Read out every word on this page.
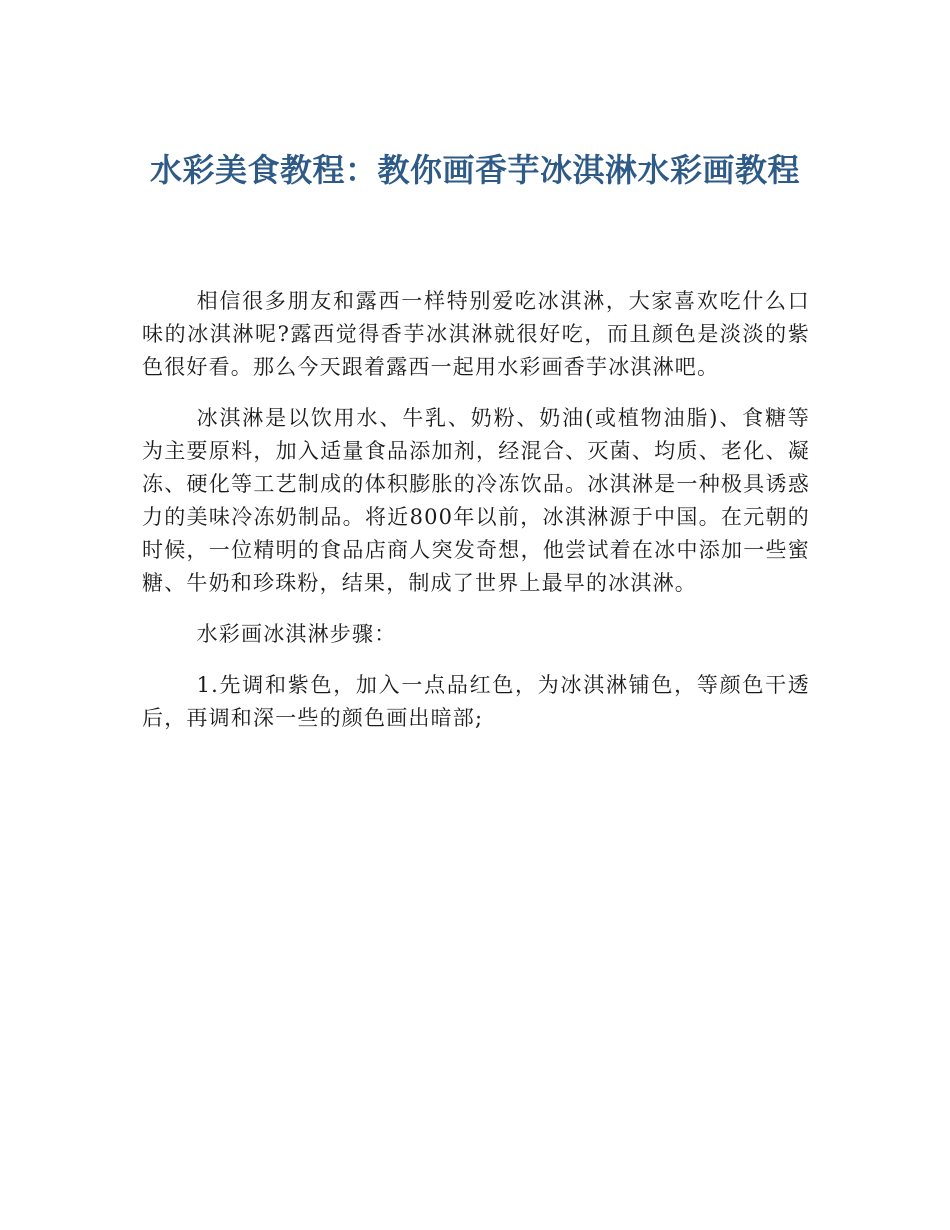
水彩美食教程：教你画香芋冰淇淋水彩画教程

相信很多朋友和露西一样特别爱吃冰淇淋，大家喜欢吃什么口味的冰淇淋呢?露西觉得香芋冰淇淋就很好吃，而且颜色是淡淡的紫色很好看。那么今天跟着露西一起用水彩画香芋冰淇淋吧。

冰淇淋是以饮用水、牛乳、奶粉、奶油(或植物油脂)、食糖等为主要原料，加入适量食品添加剂，经混合、灭菌、均质、老化、凝冻、硬化等工艺制成的体积膨胀的冷冻饮品。冰淇淋是一种极具诱惑力的美味冷冻奶制品。将近800年以前，冰淇淋源于中国。在元朝的时候，一位精明的食品店商人突发奇想，他尝试着在冰中添加一些蜜糖、牛奶和珍珠粉，结果，制成了世界上最早的冰淇淋。

水彩画冰淇淋步骤：

1.先调和紫色，加入一点品红色，为冰淇淋铺色，等颜色干透后，再调和深一些的颜色画出暗部;
